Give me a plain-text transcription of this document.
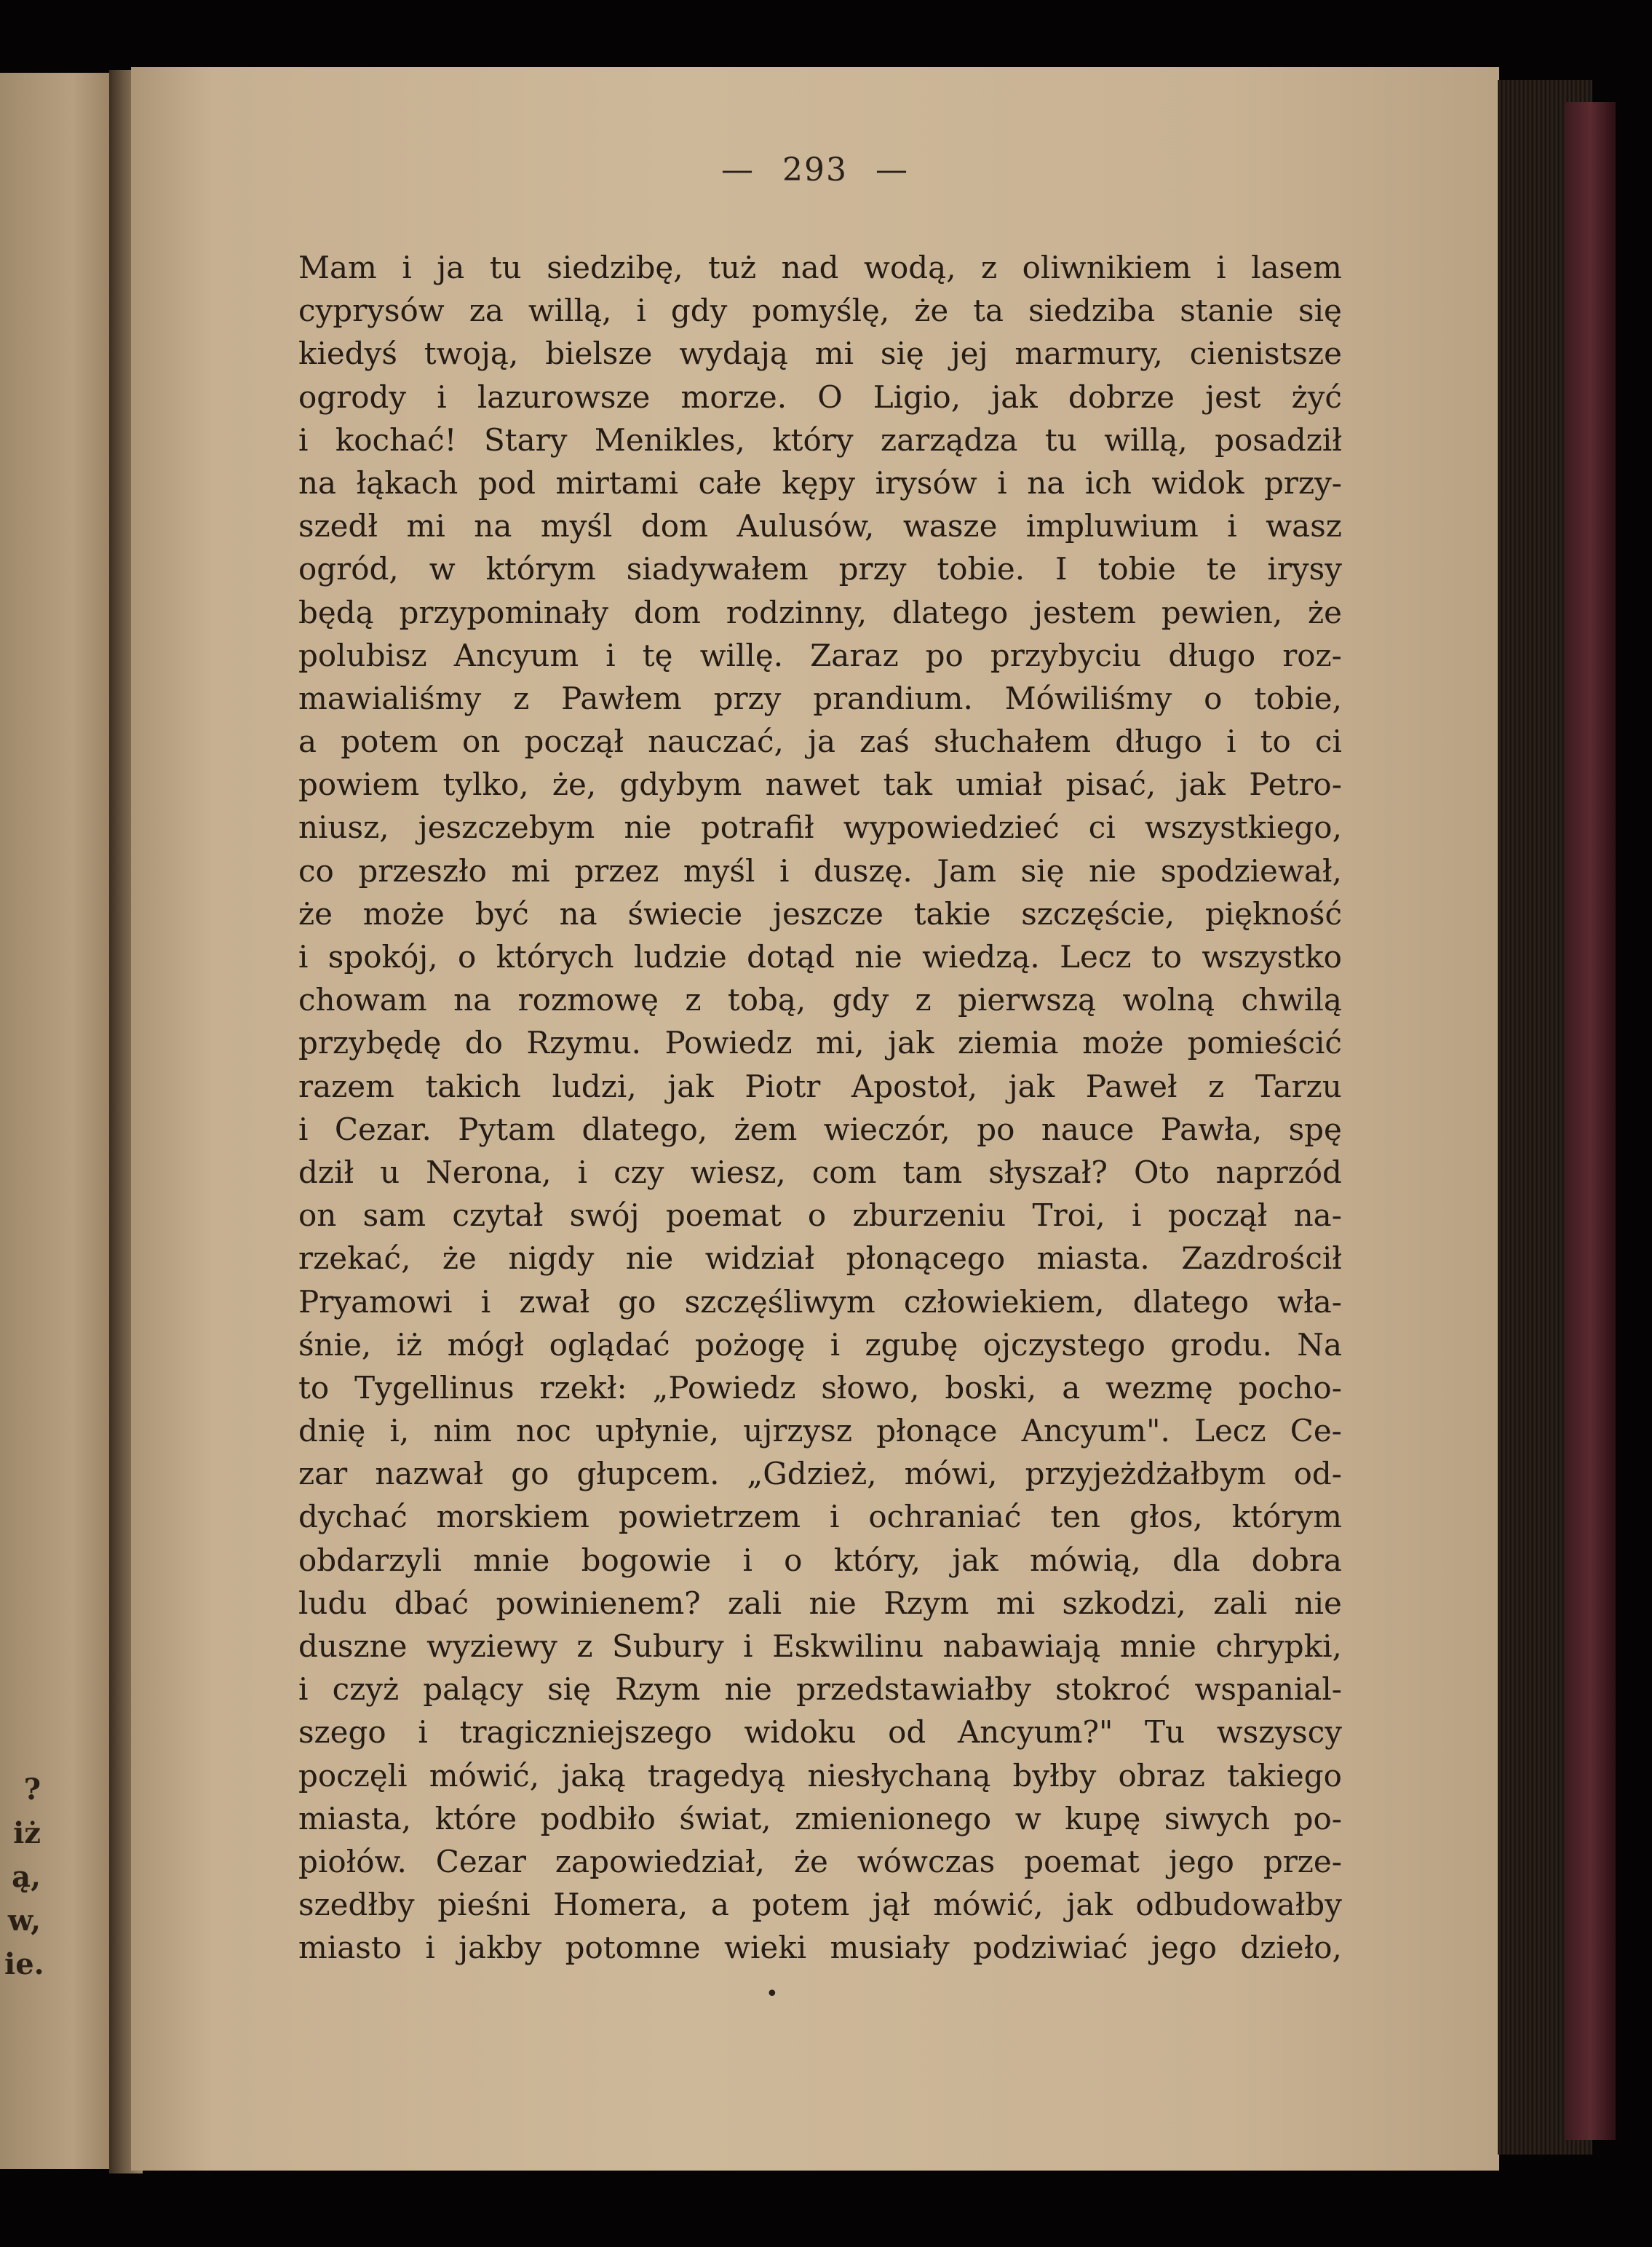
?
iż
ą,
w,
ie.
— 293 —
Mam i ja tu siedzibę, tuż nad wodą, z oliwnikiem i lasem
cyprysów za willą, i gdy pomyślę, że ta siedziba stanie się
kiedyś twoją, bielsze wydają mi się jej marmury, cienistsze
ogrody i lazurowsze morze. O Ligio, jak dobrze jest żyć
i kochać! Stary Menikles, który zarządza tu willą, posadził
na łąkach pod mirtami całe kępy irysów i na ich widok przy-
szedł mi na myśl dom Aulusów, wasze impluwium i wasz
ogród, w którym siadywałem przy tobie. I tobie te irysy
będą przypominały dom rodzinny, dlatego jestem pewien, że
polubisz Ancyum i tę willę. Zaraz po przybyciu długo roz-
mawialiśmy z Pawłem przy prandium. Mówiliśmy o tobie,
a potem on począł nauczać, ja zaś słuchałem długo i to ci
powiem tylko, że, gdybym nawet tak umiał pisać, jak Petro-
niusz, jeszczebym nie potrafił wypowiedzieć ci wszystkiego,
co przeszło mi przez myśl i duszę. Jam się nie spodziewał,
że może być na świecie jeszcze takie szczęście, piękność
i spokój, o których ludzie dotąd nie wiedzą. Lecz to wszystko
chowam na rozmowę z tobą, gdy z pierwszą wolną chwilą
przybędę do Rzymu. Powiedz mi, jak ziemia może pomieścić
razem takich ludzi, jak Piotr Apostoł, jak Paweł z Tarzu
i Cezar. Pytam dlatego, żem wieczór, po nauce Pawła, spę
dził u Nerona, i czy wiesz, com tam słyszał? Oto naprzód
on sam czytał swój poemat o zburzeniu Troi, i począł na-
rzekać, że nigdy nie widział płonącego miasta. Zazdrościł
Pryamowi i zwał go szczęśliwym człowiekiem, dlatego wła-
śnie, iż mógł oglądać pożogę i zgubę ojczystego grodu. Na
to Tygellinus rzekł: „Powiedz słowo, boski, a wezmę pocho-
dnię i, nim noc upłynie, ujrzysz płonące Ancyum". Lecz Ce-
zar nazwał go głupcem. „Gdzież, mówi, przyjeżdżałbym od-
dychać morskiem powietrzem i ochraniać ten głos, którym
obdarzyli mnie bogowie i o który, jak mówią, dla dobra
ludu dbać powinienem? zali nie Rzym mi szkodzi, zali nie
duszne wyziewy z Subury i Eskwilinu nabawiają mnie chrypki,
i czyż palący się Rzym nie przedstawiałby stokroć wspanial-
szego i tragiczniejszego widoku od Ancyum?" Tu wszyscy
poczęli mówić, jaką tragedyą niesłychaną byłby obraz takiego
miasta, które podbiło świat, zmienionego w kupę siwych po-
piołów. Cezar zapowiedział, że wówczas poemat jego prze-
szedłby pieśni Homera, a potem jął mówić, jak odbudowałby
miasto i jakby potomne wieki musiały podziwiać jego dzieło,
•
